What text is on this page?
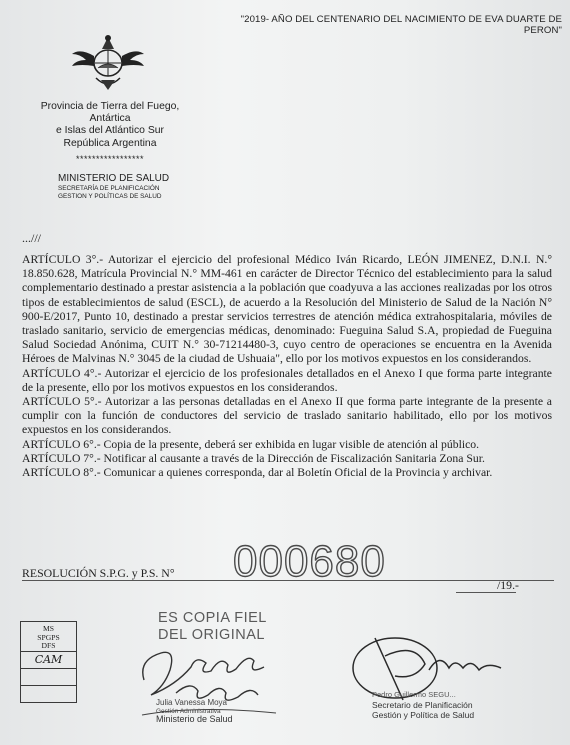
"2019- AÑO DEL CENTENARIO DEL NACIMIENTO DE EVA DUARTE DE PERON"
Provincia de Tierra del Fuego,
Antártica
e Islas del Atlántico Sur
República Argentina
*****************
MINISTERIO DE SALUD
SECRETARÍA DE PLANIFICACIÓN
GESTION Y POLÍTICAS DE SALUD
...///

ARTÍCULO 3°.- Autorizar el ejercicio del profesional Médico Iván Ricardo, LEÓN JIMENEZ, D.N.I. N.° 18.850.628, Matrícula Provincial N.° MM-461 en carácter de Director Técnico del establecimiento para la salud complementario destinado a prestar asistencia a la población que coadyuva a las acciones realizadas por los otros tipos de establecimientos de salud (ESCL), de acuerdo a la Resolución del Ministerio de Salud de la Nación N° 900-E/2017, Punto 10, destinado a prestar servicios terrestres de atención médica extrahospitalaria, móviles de traslado sanitario, servicio de emergencias médicas, denominado: Fueguina Salud S.A, propiedad de Fueguina Salud Sociedad Anónima, CUIT N.° 30-71214480-3, cuyo centro de operaciones se encuentra en la Avenida Héroes de Malvinas N.° 3045 de la ciudad de Ushuaia", ello por los motivos expuestos en los considerandos.

ARTÍCULO 4°.- Autorizar el ejercicio de los profesionales detallados en el Anexo I que forma parte integrante de la presente, ello por los motivos expuestos en los considerandos.

ARTÍCULO 5°.- Autorizar a las personas detalladas en el Anexo II que forma parte integrante de la presente a cumplir con la función de conductores del servicio de traslado sanitario habilitado, ello por los motivos expuestos en los considerandos.

ARTÍCULO 6°.- Copia de la presente, deberá ser exhibida en lugar visible de atención al público.

ARTÍCULO 7°.- Notificar al causante a través de la Dirección de Fiscalización Sanitaria Zona Sur.

ARTÍCULO 8°.- Comunicar a quienes corresponda, dar al Boletín Oficial de la Provincia y archivar.

000680
RESOLUCIÓN S.P.G. y P.S. N°
/19.-
MS
SPGPS
DFS
CAM
ES COPIA FIEL
DEL ORIGINAL
Julia Vanessa Moya
Gestión Administrativa
Ministerio de Salud
Pedro Guillermo SEGU...
Secretario de Planificación
Gestión y Política de Salud
